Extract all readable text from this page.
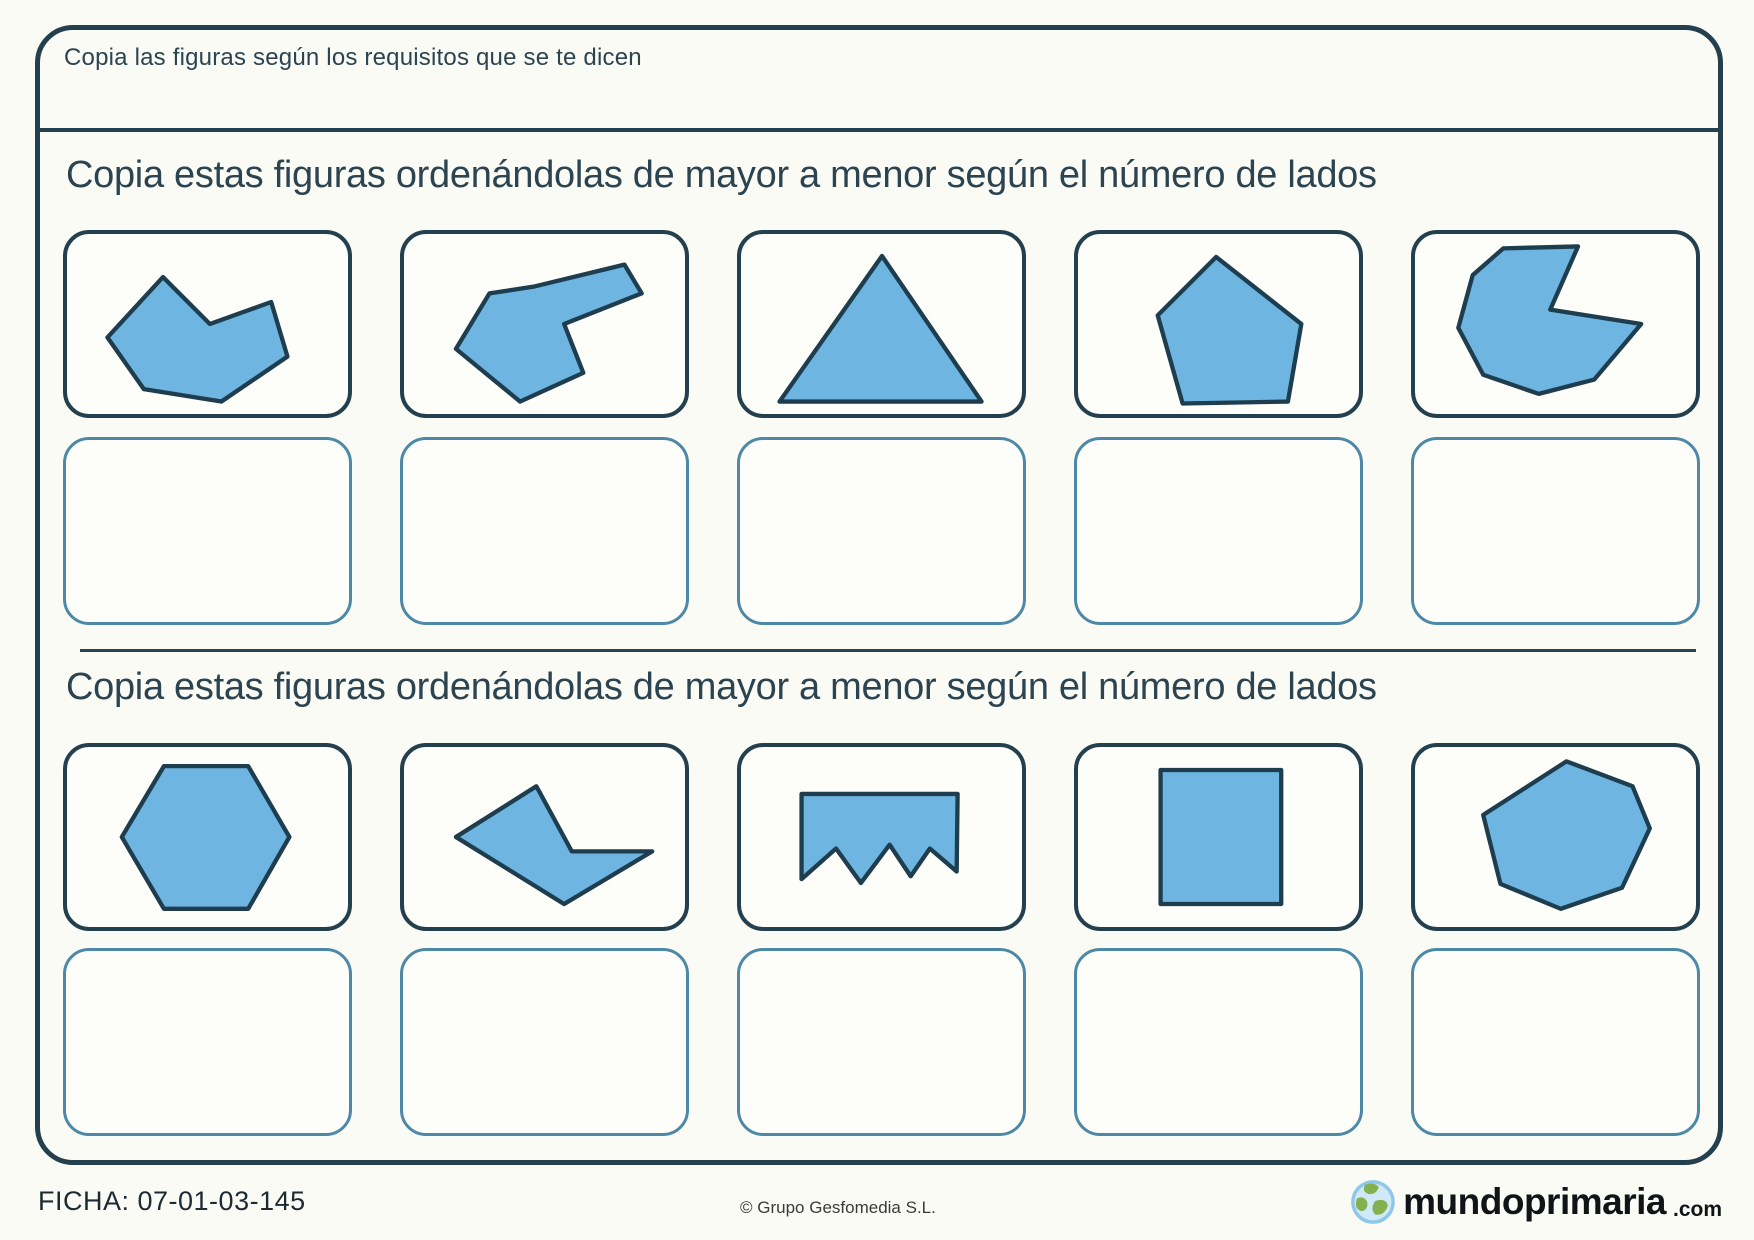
Copia las figuras según los requisitos que se te dicen
Copia estas figuras ordenándolas de mayor a menor según el número de lados
Copia estas figuras ordenándolas de mayor a menor según el número de lados
FICHA: 07-01-03-145	© Grupo Gesfomedia S.L.	mundoprimaria .com
